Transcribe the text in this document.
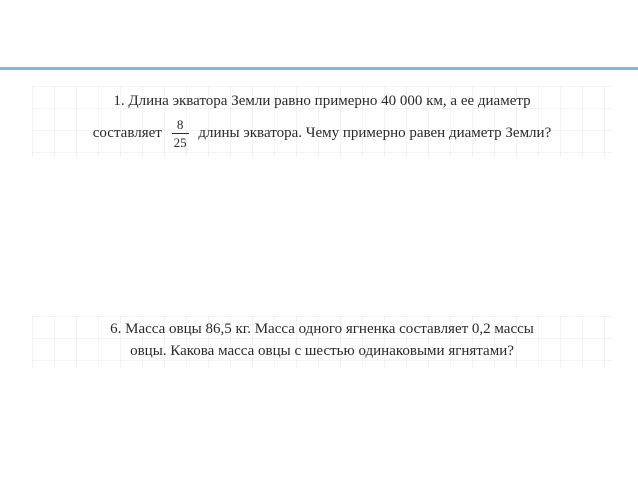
1. Длина экватора Земли равно примерно 40 000 км, а ее диаметр
составляет $\frac{8}{25}$ длины экватора. Чему примерно равен диаметр Земли?
6. Масса овцы 86,5 кг. Масса одного ягненка составляет 0,2 массы
овцы. Какова масса овцы с шестью одинаковыми ягнятами?
